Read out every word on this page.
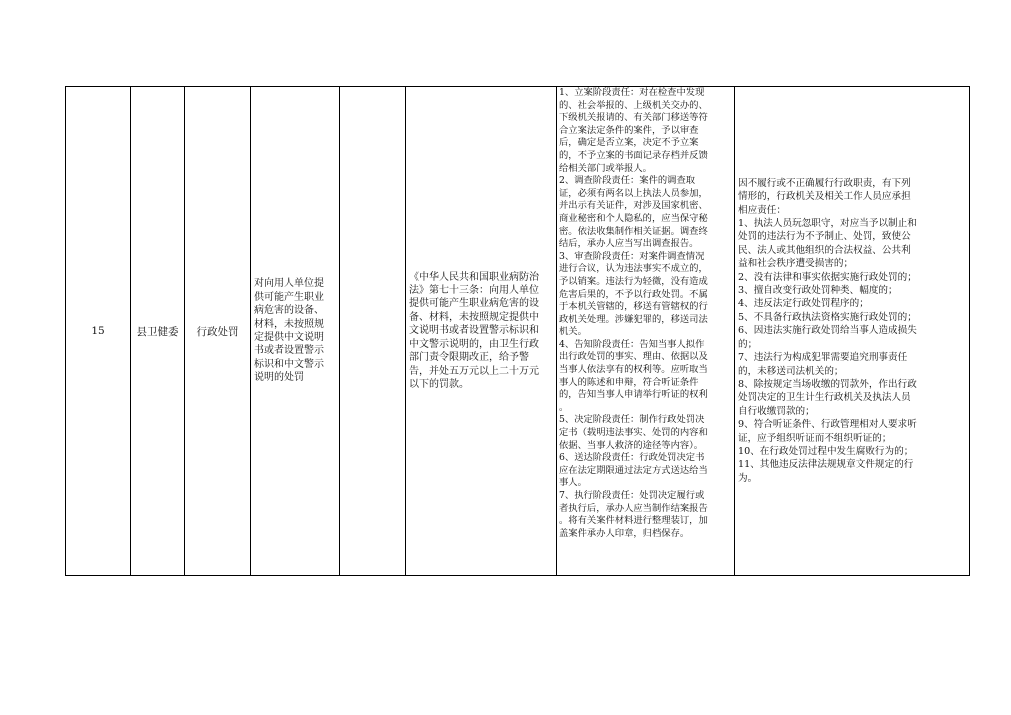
15	县卫健委	行政处罚	对向用人单位提
供可能产生职业
病危害的设备、
材料，未按照规
定提供中文说明
书或者设置警示
标识和中文警示
说明的处罚		《中华人民共和国职业病防治
法》第七十三条：向用人单位
提供可能产生职业病危害的设
备、材料，未按照规定提供中
文说明书或者设置警示标识和
中文警示说明的，由卫生行政
部门责令限期改正，给予警
告，并处五万元以上二十万元
以下的罚款。	1、立案阶段责任：对在检查中发现
的、社会举报的、上级机关交办的、
下级机关报请的、有关部门移送等符
合立案法定条件的案件，予以审查
后，确定是否立案，决定不予立案
的，不予立案的书面记录存档并反馈
给相关部门或举报人。
2、调查阶段责任：案件的调查取
证，必须有两名以上执法人员参加，
并出示有关证件，对涉及国家机密、
商业秘密和个人隐私的，应当保守秘
密。依法收集制作相关证据。调查终
结后，承办人应当写出调查报告。
3、审查阶段责任：对案件调查情况
进行合议，认为违法事实不成立的，
予以销案。违法行为轻微，没有造成
危害后果的，不予以行政处罚。不属
于本机关管辖的，移送有管辖权的行
政机关处理。涉嫌犯罪的，移送司法
机关。
4、告知阶段责任：告知当事人拟作
出行政处罚的事实、理由、依据以及
当事人依法享有的权利等。应听取当
事人的陈述和申辩，符合听证条件
的，告知当事人申请举行听证的权利
。
5、决定阶段责任：制作行政处罚决
定书（载明违法事实、处罚的内容和
依据、当事人救济的途径等内容）。
6、送达阶段责任：行政处罚决定书
应在法定期限通过法定方式送达给当
事人。
7、执行阶段责任：处罚决定履行或
者执行后，承办人应当制作结案报告
。将有关案件材料进行整理装订，加
盖案件承办人印章，归档保存。	因不履行或不正确履行行政职责，有下列
情形的，行政机关及相关工作人员应承担
相应责任：
1、执法人员玩忽职守，对应当予以制止和
处罚的违法行为不予制止、处罚，致使公
民、法人或其他组织的合法权益、公共利
益和社会秩序遭受损害的；
2、没有法律和事实依据实施行政处罚的；
3、擅自改变行政处罚种类、幅度的；
4、违反法定行政处罚程序的；
5、不具备行政执法资格实施行政处罚的；
6、因违法实施行政处罚给当事人造成损失
的；
7、违法行为构成犯罪需要追究刑事责任
的，未移送司法机关的；
8、除按规定当场收缴的罚款外，作出行政
处罚决定的卫生计生行政机关及执法人员
自行收缴罚款的；
9、符合听证条件、行政管理相对人要求听
证，应予组织听证而不组织听证的；
10、在行政处罚过程中发生腐败行为的；
11、其他违反法律法规规章文件规定的行
为。
